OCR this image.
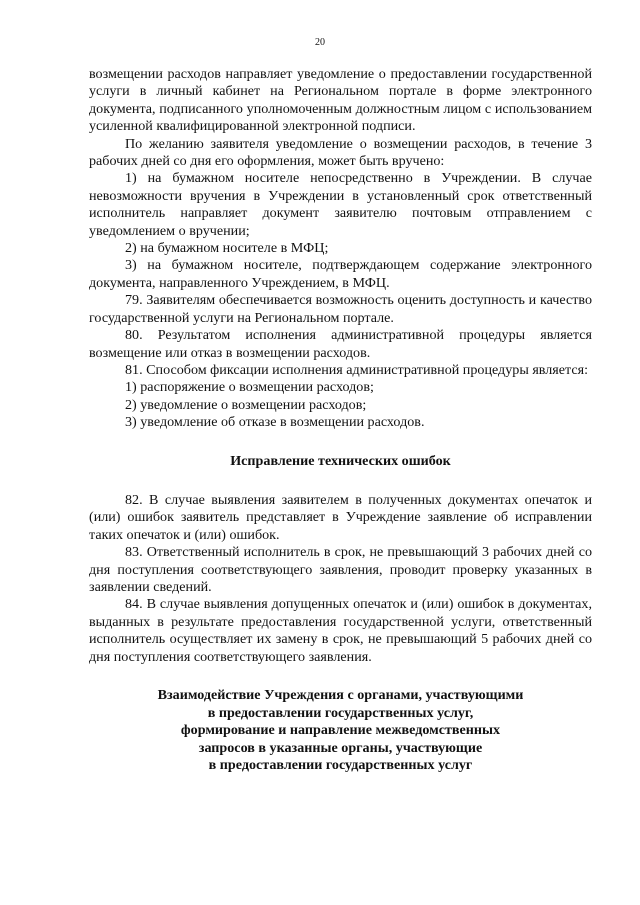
20

возмещении расходов направляет уведомление о предоставлении государственной услуги в личный кабинет на Региональном портале в форме электронного документа, подписанного уполномоченным должностным лицом с использованием усиленной квалифицированной электронной подписи.

По желанию заявителя уведомление о возмещении расходов, в течение 3 рабочих дней со дня его оформления, может быть вручено:

1) на бумажном носителе непосредственно в Учреждении. В случае невозможности вручения в Учреждении в установленный срок ответственный исполнитель направляет документ заявителю почтовым отправлением с уведомлением о вручении;

2) на бумажном носителе в МФЦ;

3) на бумажном носителе, подтверждающем содержание электронного документа, направленного Учреждением, в МФЦ.

79. Заявителям обеспечивается возможность оценить доступность и качество государственной услуги на Региональном портале.

80. Результатом исполнения административной процедуры является возмещение или отказ в возмещении расходов.

81. Способом фиксации исполнения административной процедуры является:

1) распоряжение о возмещении расходов;

2) уведомление о возмещении расходов;

3) уведомление об отказе в возмещении расходов.

Исправление технических ошибок

82. В случае выявления заявителем в полученных документах опечаток и (или) ошибок заявитель представляет в Учреждение заявление об исправлении таких опечаток и (или) ошибок.

83. Ответственный исполнитель в срок, не превышающий 3 рабочих дней со дня поступления соответствующего заявления, проводит проверку указанных в заявлении сведений.

84. В случае выявления допущенных опечаток и (или) ошибок в документах, выданных в результате предоставления государственной услуги, ответственный исполнитель осуществляет их замену в срок, не превышающий 5 рабочих дней со дня поступления соответствующего заявления.

Взаимодействие Учреждения с органами, участвующими
в предоставлении государственных услуг,
формирование и направление межведомственных
запросов в указанные органы, участвующие
в предоставлении государственных услуг
